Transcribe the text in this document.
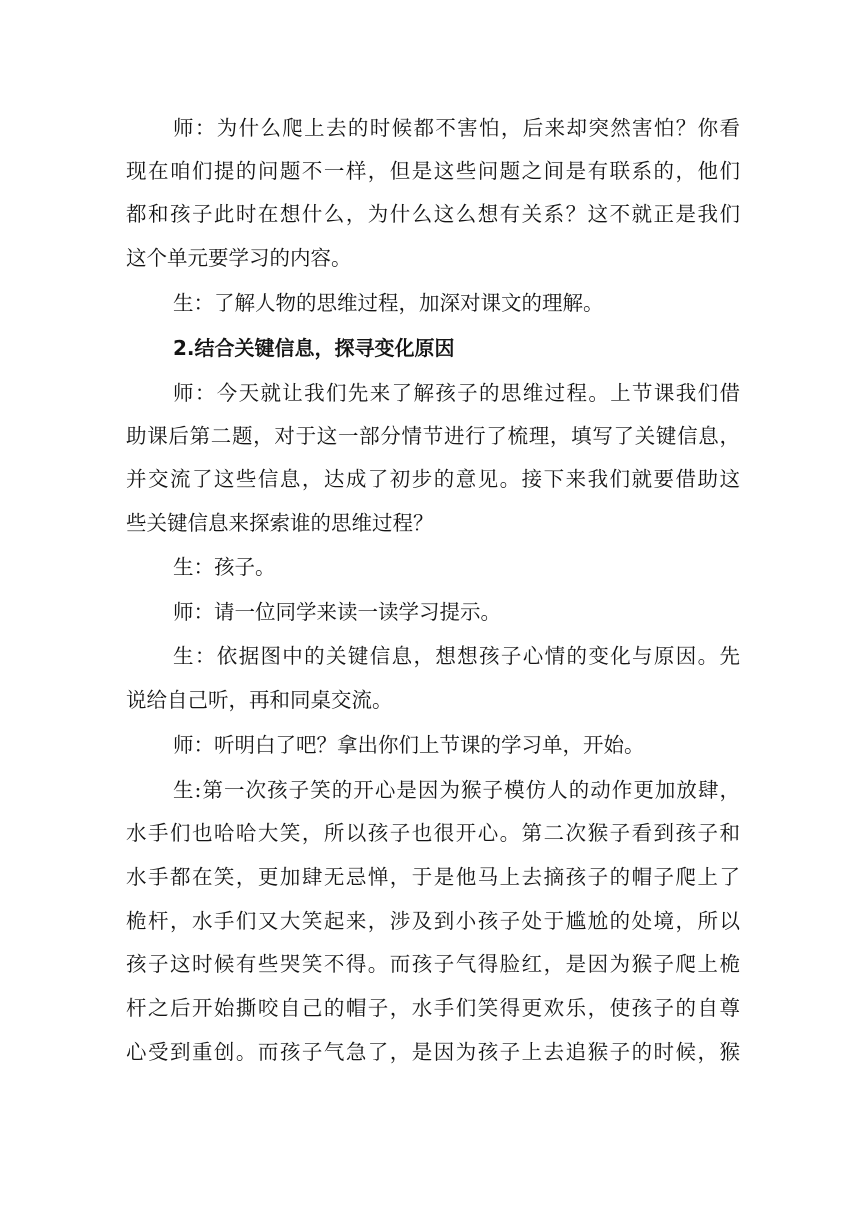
师：为什么爬上去的时候都不害怕，后来却突然害怕？你看
现在咱们提的问题不一样，但是这些问题之间是有联系的，他们
都和孩子此时在想什么，为什么这么想有关系？这不就正是我们
这个单元要学习的内容。
生：了解人物的思维过程，加深对课文的理解。
2.结合关键信息，探寻变化原因
师：今天就让我们先来了解孩子的思维过程。上节课我们借
助课后第二题，对于这一部分情节进行了梳理，填写了关键信息，
并交流了这些信息，达成了初步的意见。接下来我们就要借助这
些关键信息来探索谁的思维过程？
生：孩子。
师：请一位同学来读一读学习提示。
生：依据图中的关键信息，想想孩子心情的变化与原因。先
说给自己听，再和同桌交流。
师：听明白了吧？拿出你们上节课的学习单，开始。
生:第一次孩子笑的开心是因为猴子模仿人的动作更加放肆，
水手们也哈哈大笑，所以孩子也很开心。第二次猴子看到孩子和
水手都在笑，更加肆无忌惮，于是他马上去摘孩子的帽子爬上了
桅杆，水手们又大笑起来，涉及到小孩子处于尴尬的处境，所以
孩子这时候有些哭笑不得。而孩子气得脸红，是因为猴子爬上桅
杆之后开始撕咬自己的帽子，水手们笑得更欢乐，使孩子的自尊
心受到重创。而孩子气急了，是因为孩子上去追猴子的时候，猴
